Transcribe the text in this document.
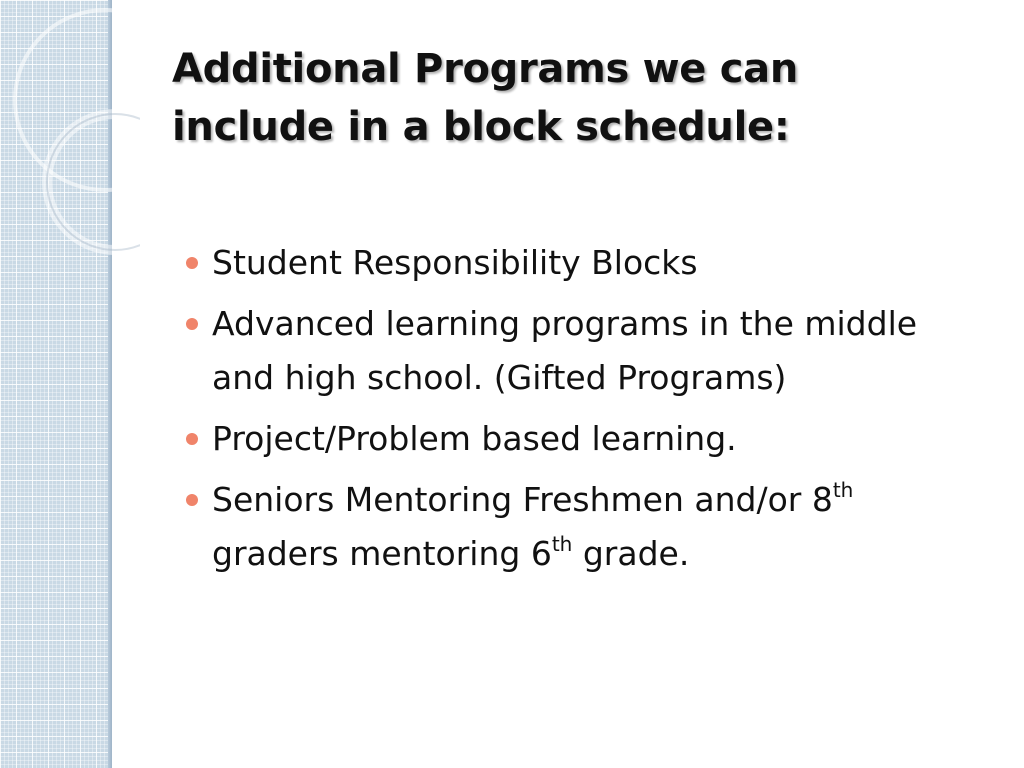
Additional Programs we can
include in a block schedule:
Student Responsibility Blocks
Advanced learning programs in the middle
and high school. (Gifted Programs)
Project/Problem based learning.
Seniors Mentoring Freshmen and/or 8th
graders mentoring 6th grade.
